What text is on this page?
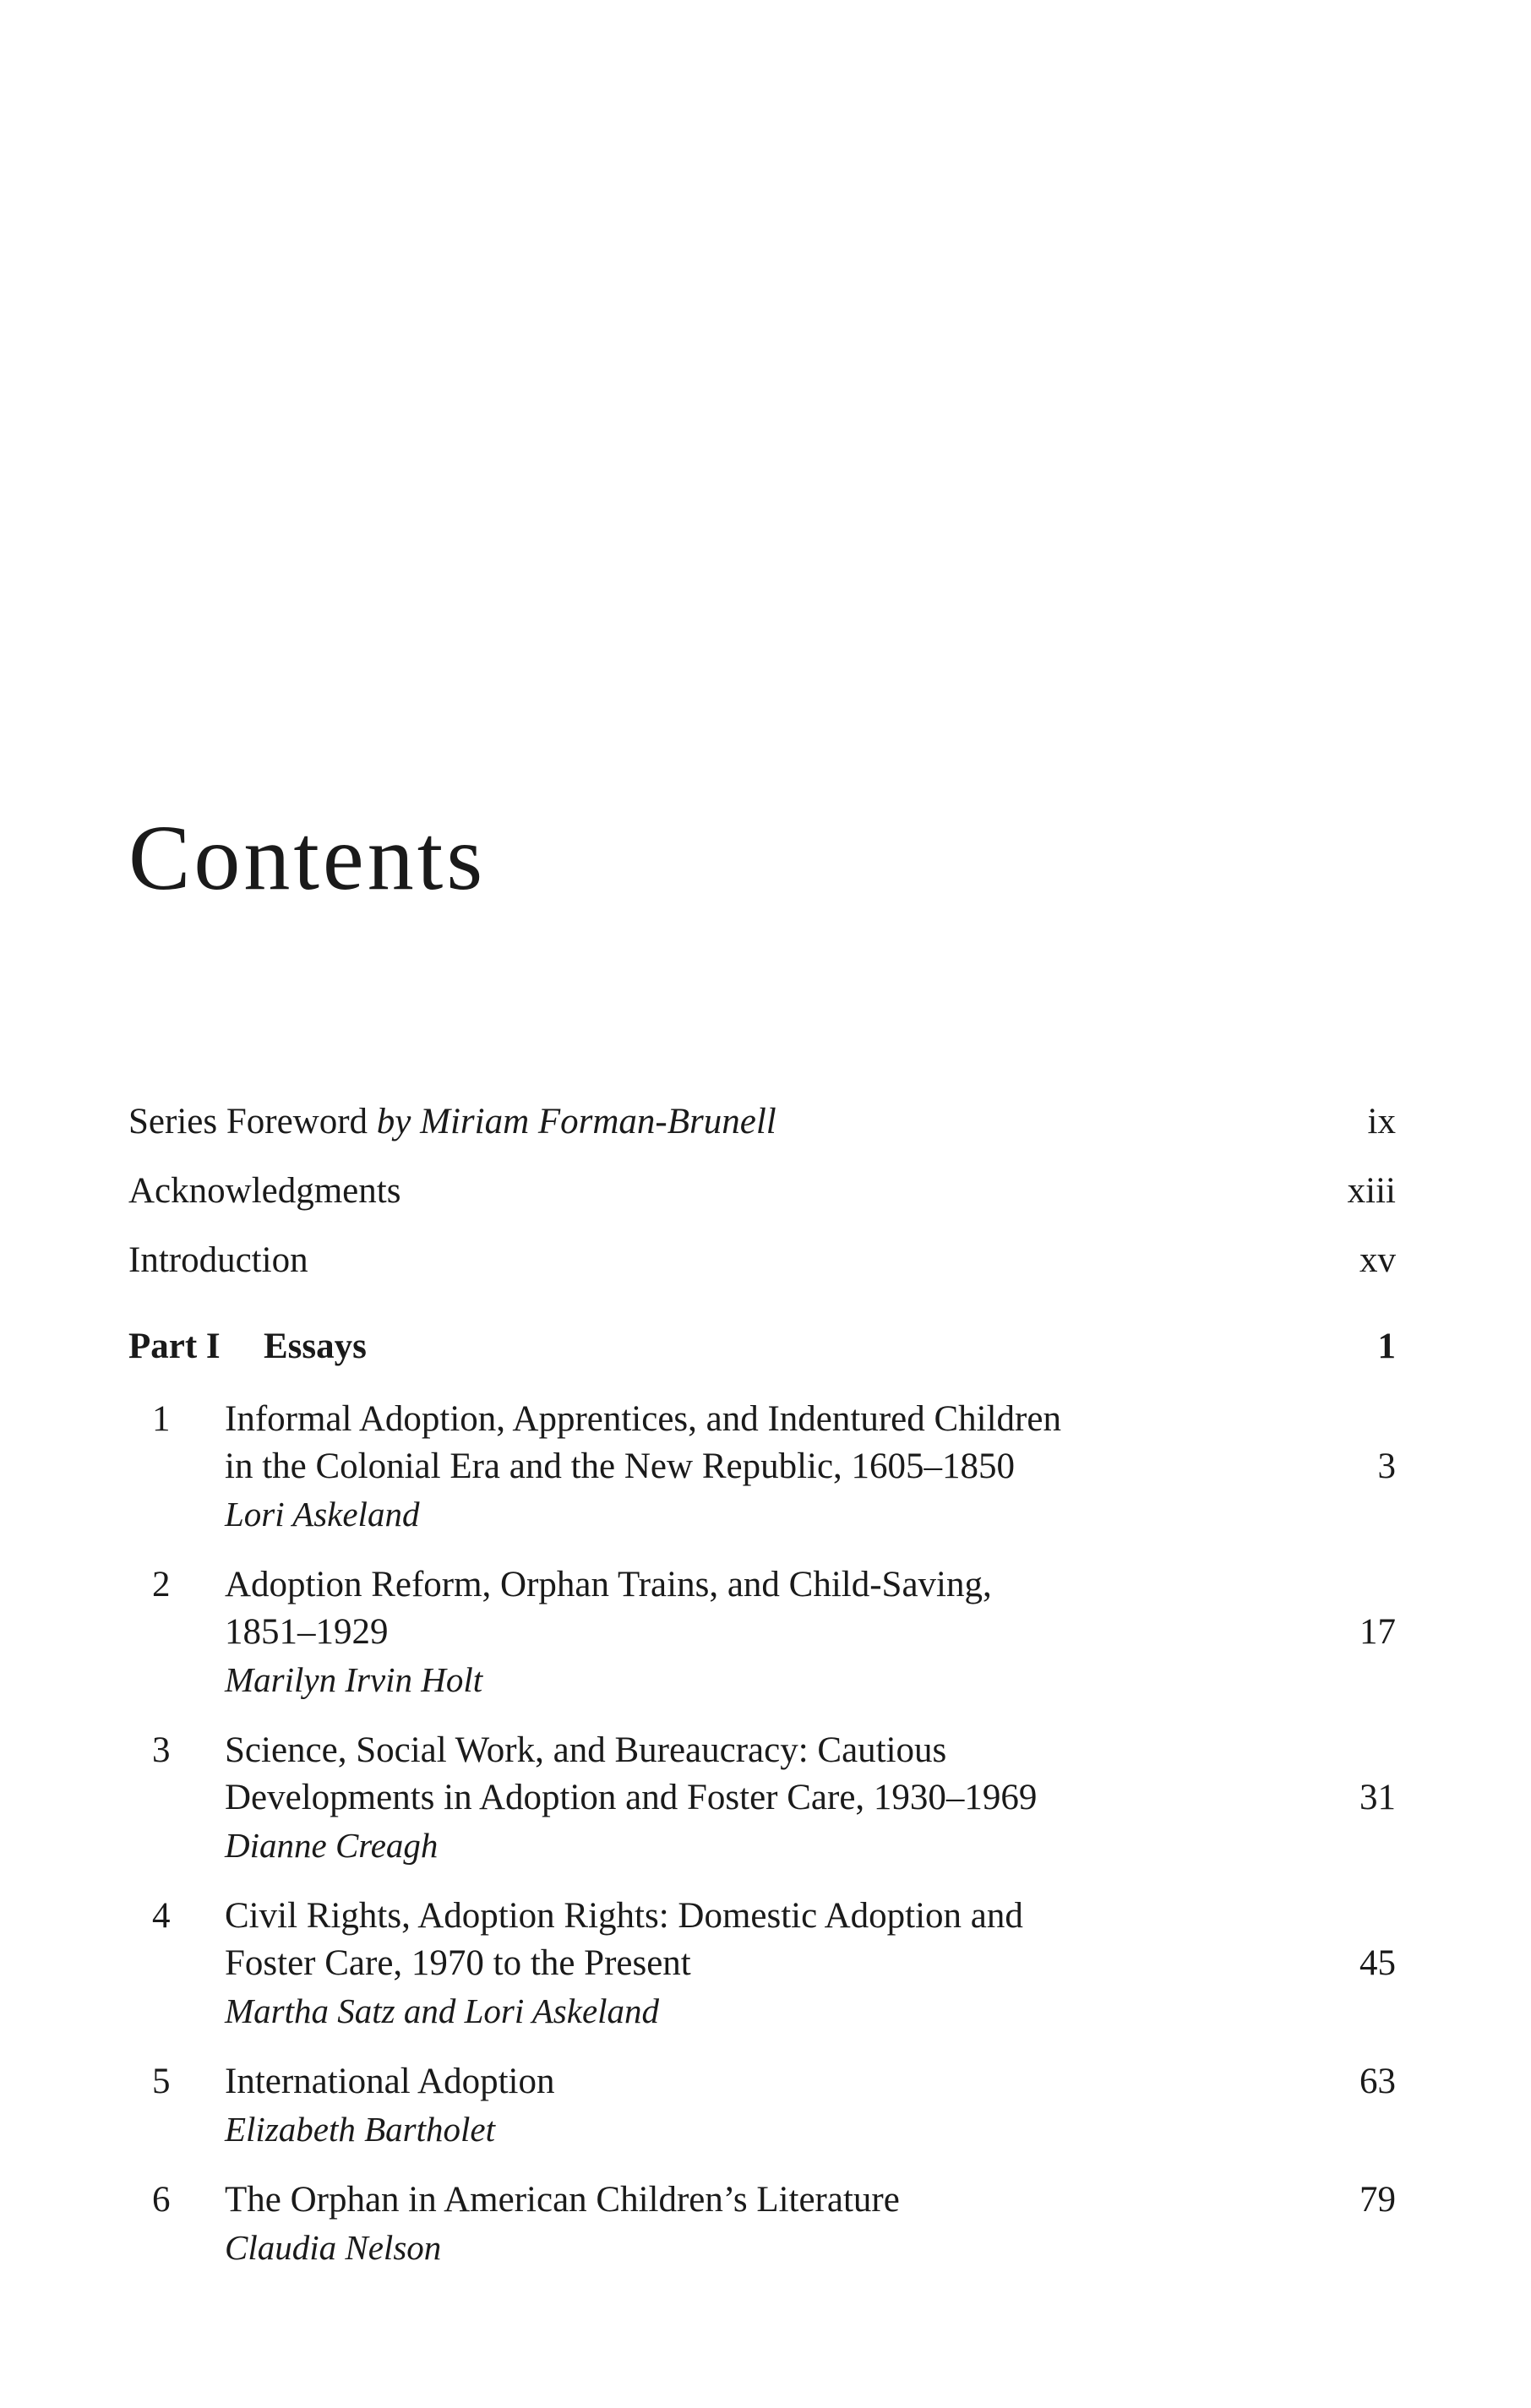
Contents
Series Foreword by Miriam Forman-Brunell	ix
Acknowledgments	xiii
Introduction	xv
Part I Essays	1
1 Informal Adoption, Apprentices, and Indentured Children
in the Colonial Era and the New Republic, 1605–1850	3
Lori Askeland
2 Adoption Reform, Orphan Trains, and Child-Saving,
1851–1929	17
Marilyn Irvin Holt
3 Science, Social Work, and Bureaucracy: Cautious
Developments in Adoption and Foster Care, 1930–1969	31
Dianne Creagh
4 Civil Rights, Adoption Rights: Domestic Adoption and
Foster Care, 1970 to the Present	45
Martha Satz and Lori Askeland
5 International Adoption	63
Elizabeth Bartholet
6 The Orphan in American Children’s Literature	79
Claudia Nelson
